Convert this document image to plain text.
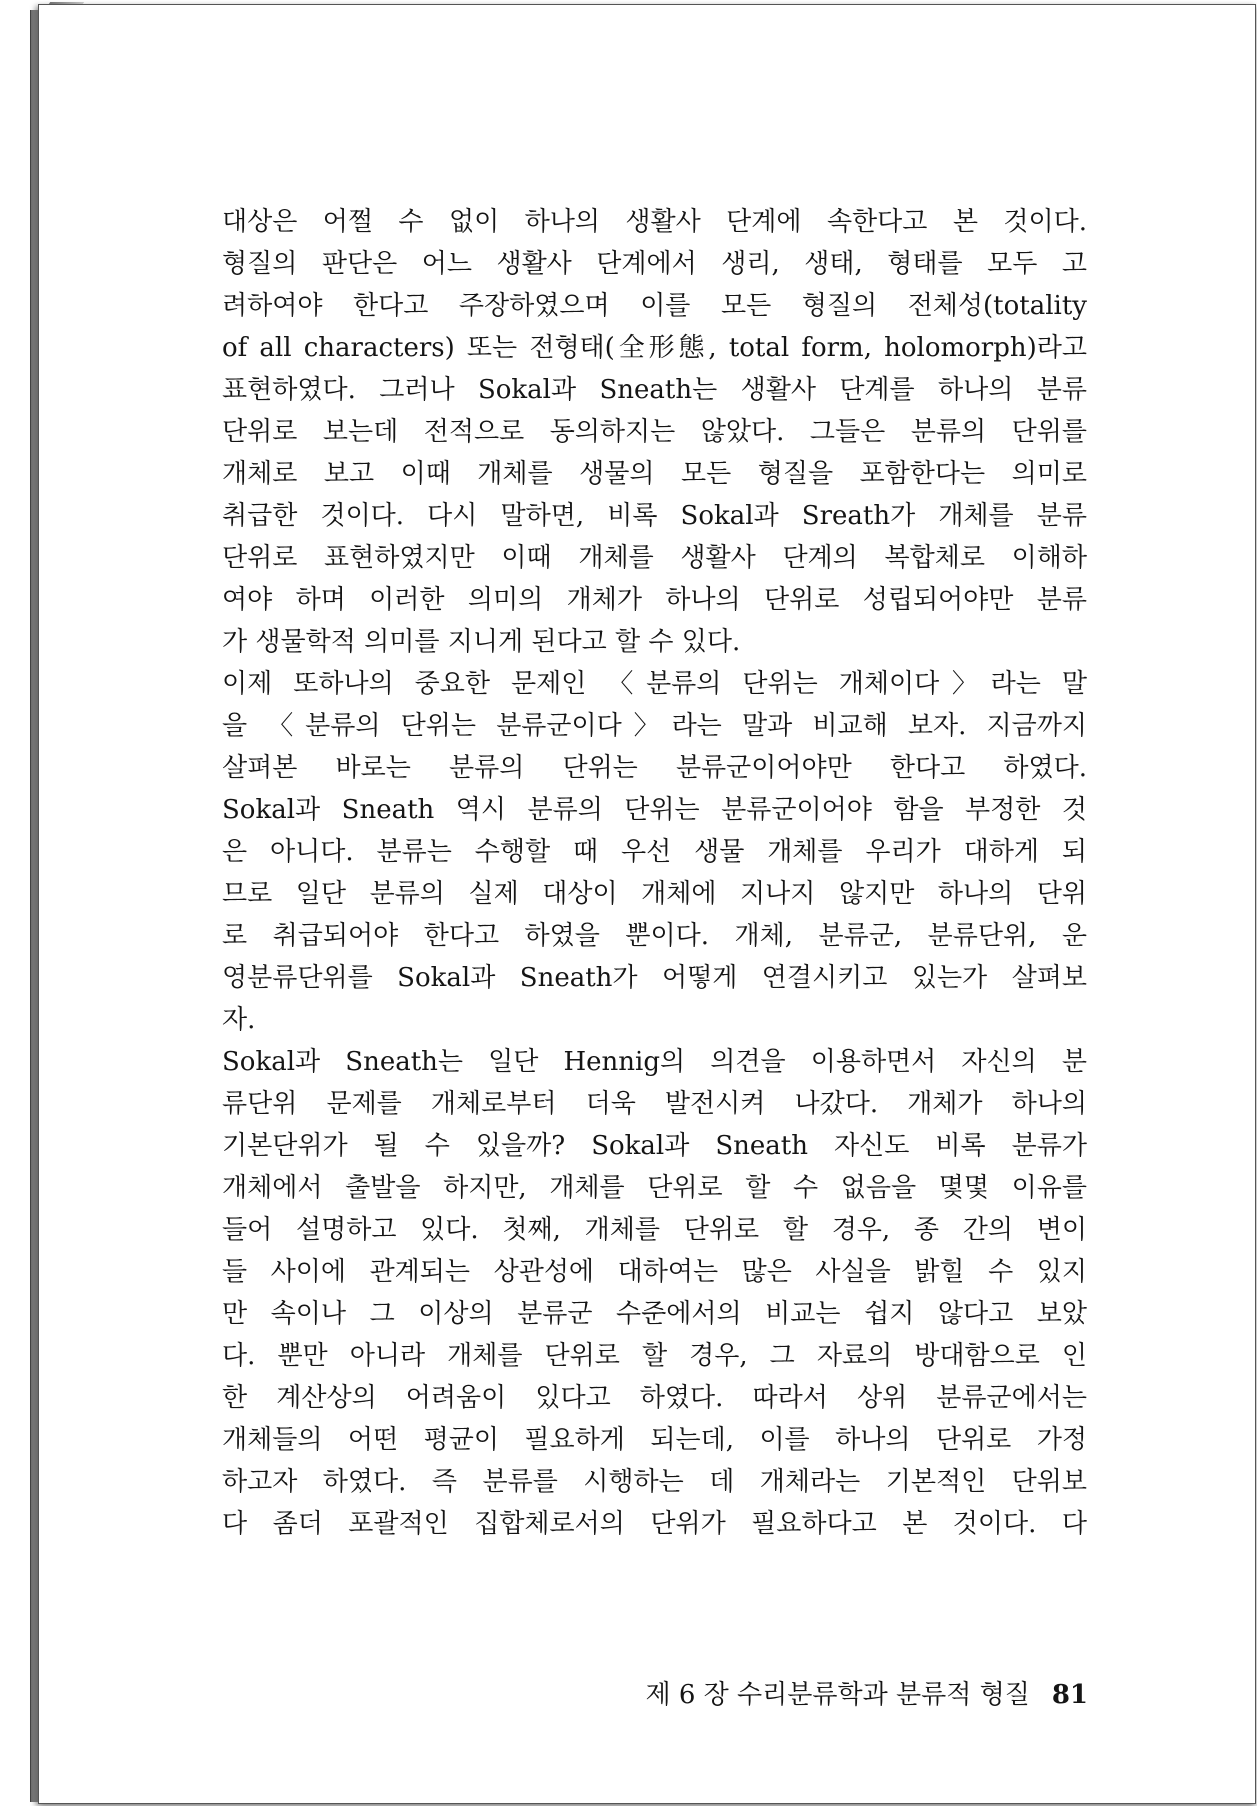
대상은 어쩔 수 없이 하나의 생활사 단계에 속한다고 본 것이다.
형질의 판단은 어느 생활사 단계에서 생리, 생태, 형태를 모두 고
려하여야 한다고 주장하였으며 이를 모든 형질의 전체성(totality
of all characters) 또는 전형태(全形態, total form, holomorph)라고
표현하였다. 그러나 Sokal과 Sneath는 생활사 단계를 하나의 분류
단위로 보는데 전적으로 동의하지는 않았다. 그들은 분류의 단위를
개체로 보고 이때 개체를 생물의 모든 형질을 포함한다는 의미로
취급한 것이다. 다시 말하면, 비록 Sokal과 Sreath가 개체를 분류
단위로 표현하였지만 이때 개체를 생활사 단계의 복합체로 이해하
여야 하며 이러한 의미의 개체가 하나의 단위로 성립되어야만 분류
가 생물학적 의미를 지니게 된다고 할 수 있다.
이제 또하나의 중요한 문제인 〈분류의 단위는 개체이다〉라는 말
을 〈분류의 단위는 분류군이다〉라는 말과 비교해 보자. 지금까지
살펴본 바로는 분류의 단위는 분류군이어야만 한다고 하였다.
Sokal과 Sneath 역시 분류의 단위는 분류군이어야 함을 부정한 것
은 아니다. 분류는 수행할 때 우선 생물 개체를 우리가 대하게 되
므로 일단 분류의 실제 대상이 개체에 지나지 않지만 하나의 단위
로 취급되어야 한다고 하였을 뿐이다. 개체, 분류군, 분류단위, 운
영분류단위를 Sokal과 Sneath가 어떻게 연결시키고 있는가 살펴보
자.
Sokal과 Sneath는 일단 Hennig의 의견을 이용하면서 자신의 분
류단위 문제를 개체로부터 더욱 발전시켜 나갔다. 개체가 하나의
기본단위가 될 수 있을까? Sokal과 Sneath 자신도 비록 분류가
개체에서 출발을 하지만, 개체를 단위로 할 수 없음을 몇몇 이유를
들어 설명하고 있다. 첫째, 개체를 단위로 할 경우, 종 간의 변이
들 사이에 관계되는 상관성에 대하여는 많은 사실을 밝힐 수 있지
만 속이나 그 이상의 분류군 수준에서의 비교는 쉽지 않다고 보았
다. 뿐만 아니라 개체를 단위로 할 경우, 그 자료의 방대함으로 인
한 계산상의 어려움이 있다고 하였다. 따라서 상위 분류군에서는
개체들의 어떤 평균이 필요하게 되는데, 이를 하나의 단위로 가정
하고자 하였다. 즉 분류를 시행하는 데 개체라는 기본적인 단위보
다 좀더 포괄적인 집합체로서의 단위가 필요하다고 본 것이다. 다
제 6 장 수리분류학과 분류적 형질 81
